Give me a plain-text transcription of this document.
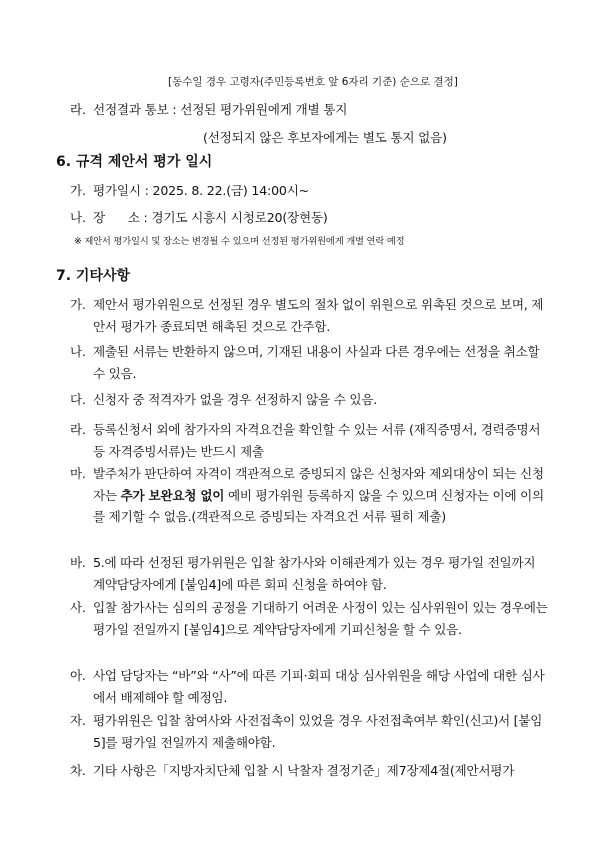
[동수일 경우 고령자(주민등록번호 앞 6자리 기준) 순으로 결정]
라. 선정결과 통보 : 선정된 평가위원에게 개별 통지
(선정되지 않은 후보자에게는 별도 통지 없음)
6. 규격 제안서 평가 일시
가. 평가일시 : 2025. 8. 22.(금) 14:00시~
나. 장      소 : 경기도 시흥시 시청로20(장현동)
※ 제안서 평가일시 및 장소는 변경될 수 있으며 선정된 평가위원에게 개별 연락 예정
7. 기타사항
가. 제안서 평가위원으로 선정된 경우 별도의 절차 없이 위원으로 위촉된 것으로 보며, 제안서 평가가 종료되면 해촉된 것으로 간주함.
나. 제출된 서류는 반환하지 않으며, 기재된 내용이 사실과 다른 경우에는 선정을 취소할 수 있음.
다. 신청자 중 적격자가 없을 경우 선정하지 않을 수 있음.
라. 등록신청서 외에 참가자의 자격요건을 확인할 수 있는 서류 (재직증명서, 경력증명서 등 자격증빙서류)는 반드시 제출
마. 발주처가 판단하여 자격이 객관적으로 증빙되지 않은 신청자와 제외대상이 되는 신청자는 추가 보완요청 없이 예비 평가위원 등록하지 않을 수 있으며 신청자는 이에 이의를 제기할 수 없음.(객관적으로 증빙되는 자격요건 서류 필히 제출)
바. 5.에 따라 선정된 평가위원은 입찰 참가사와 이해관계가 있는 경우 평가일 전일까지 계약담당자에게 [붙임4]에 따른 회피 신청을 하여야 함.
사. 입찰 참가사는 심의의 공정을 기대하기 어려운 사정이 있는 심사위원이 있는 경우에는 평가일 전일까지 [붙임4]으로 계약담당자에게 기피신청을 할 수 있음.
아. 사업 담당자는 “바”와 “사”에 따른 기피·회피 대상 심사위원을 해당 사업에 대한 심사에서 배제해야 할 예정임.
자. 평가위원은 입찰 참여사와 사전접촉이 있었을 경우 사전접촉여부 확인(신고)서 [붙임5]를 평가일 전일까지 제출해야함.
차. 기타 사항은「지방자치단체 입찰 시 낙찰자 결정기준」제7장제4절(제안서평가
